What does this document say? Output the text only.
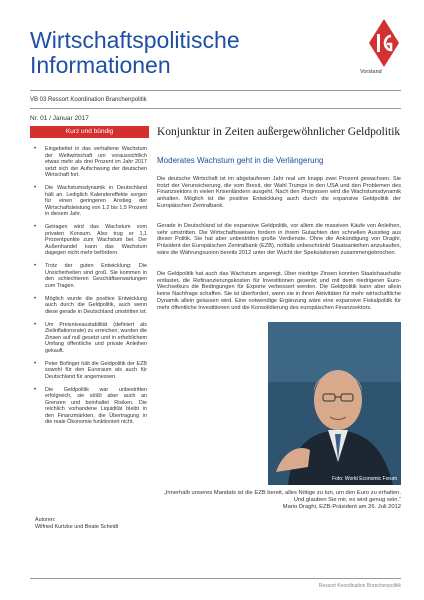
Wirtschaftspolitische
Informationen	Vorstand
VB 03 Ressort Koordination Branchenpolitik
Nr. 01 / Januar 2017
Kurz und bündig
• Eingebettet in das verhaltene Wachstum der Weltwirtschaft um voraussichtlich etwas mehr als drei Prozent im Jahr 2017 setzt sich der Aufschwung der deutschen Wirtschaft fort.
• Die Wachstumsdynamik in Deutschland hält an. Lediglich Kalendereffekte sorgen für einen geringeren Anstieg der Wirtschaftsleistung von 1,2 bis 1,5 Prozent in diesem Jahr.
• Getragen wird das Wachstum vom privaten Konsum. Also trug er 1,1 Prozentpunkte zum Wachstum bei. Der Außenhandel kann das Wachstum dagegen nicht mehr befördern.
• Trotz der guten Entwicklung: Die Unsicherheiten sind groß. Sie kommen in den schlechteren Geschäftserwartungen zum Tragen.
• Möglich wurde die positive Entwicklung auch durch die Geldpolitik, auch wenn diese gerade in Deutschland umstritten ist.
• Um Preisniveaustabilität (definiert als Zielinflationsrate) zu erreichen, wurden die Zinsen auf null gesetzt und in erheblichem Umfang öffentliche und private Anleihen gekauft.
• Peter Bofinger hält die Geldpolitik der EZB sowohl für den Euroraum als auch für Deutschland für angemessen.
• Die Geldpolitik war unbestritten erfolgreich, sie stößt aber auch an Grenzen und beinhaltet Risiken. Die reichlich vorhandene Liquidität bleibt in den Finanzmärkten, die Übertragung in die reale Ökonomie funktioniert nicht.
Autoren:
Wilfried Kurtzke und Beate Scheidt
Konjunktur in Zeiten außergewöhnlicher Geldpolitik
Moderates Wachstum geht in die Verlängerung
Die deutsche Wirtschaft ist im abgelaufenen Jahr real um knapp zwei Prozent gewachsen. Sie trotzt der Verunsicherung, die vom Brexit, der Wahl Trumps in den USA und den Problemen des Finanzsektors in vielen Krisenländern ausgeht. Nach den Prognosen wird die Wachstumsdynamik anhalten. Möglich ist die positive Entwicklung auch durch die expansive Geldpolitik der Europäischen Zentralbank.
Gerade in Deutschland ist die expansive Geldpolitik, vor allem die massiven Käufe von Anleihen, sehr umstritten. Die Wirtschaftsweisen fordern in ihrem Gutachten den schnellen Ausstieg aus dieser Politik. Sie hat aber unbestritten große Verdienste. Ohne die Ankündigung von Draghi, Präsident der Europäischen Zentralbank (EZB), notfalls unbeschränkt Staatsanleihen anzukaufen, wäre die Währungsunion bereits 2012 unter der Wucht der Spekulationen zusammengebrochen.
Die Geldpolitik hat auch das Wachstum angeregt. Über niedrige Zinsen konnten Staatshaushalte entlastet, die Refinanzierungskosten für Investitionen gesenkt und mit dem niedrigeren Euro-Wechselkurs die Bedingungen für Exporte verbessert werden. Die Geldpolitik kann aber allein keine Nachfrage schaffen. Sie ist überfordert, wenn sie in ihren Aktivitäten für mehr wirtschaftliche Dynamik allein gelassen wird. Eine notwendige Ergänzung wäre eine expansive Fiskalpolitik für mehr öffentliche Investitionen und die Konsolidierung des europäischen Finanzsektors.
Foto: World Economic Forum
„Innerhalb unseres Mandats ist die EZB bereit, alles Nötige zu tun, um den Euro zu erhalten. Und glauben Sie mir, es wird genug sein.“
Mario Draghi, EZB-Präsident am 26. Juli 2012
Ressort Koordination Branchenpolitik
